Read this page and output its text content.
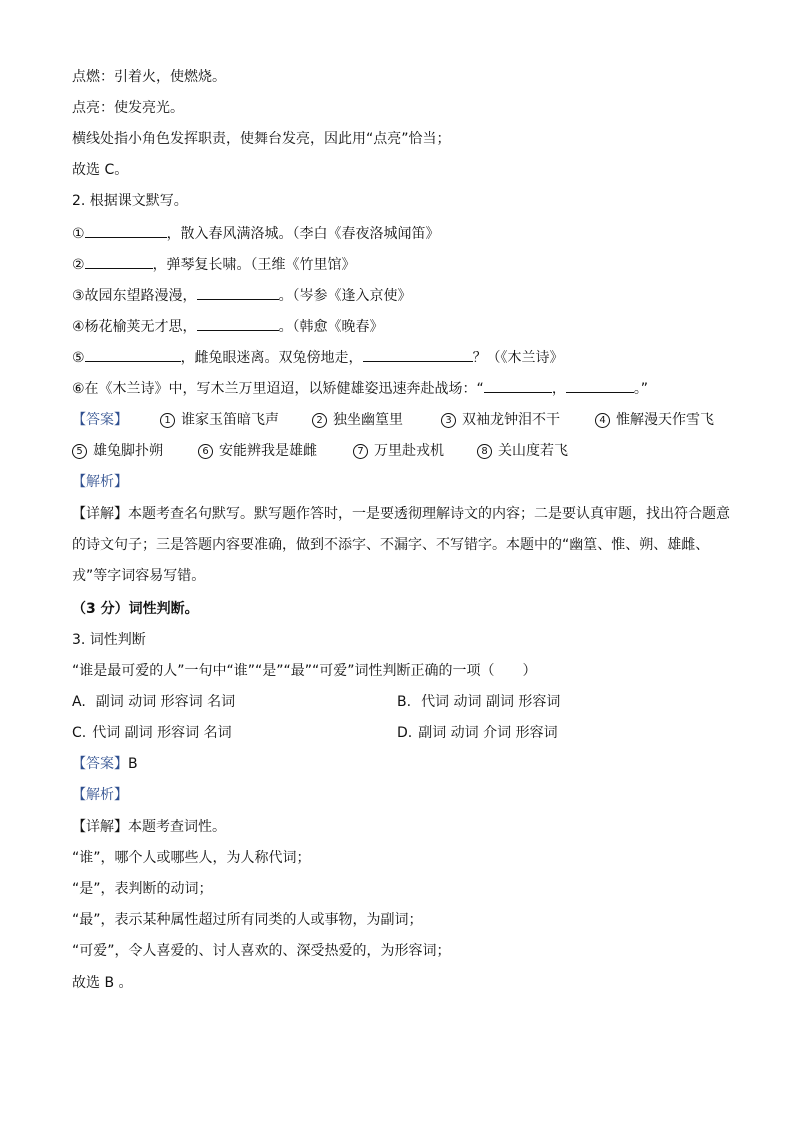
点燃：引着火，使燃烧。

点亮：使发亮光。

横线处指小角色发挥职责，使舞台发亮，因此用“点亮”恰当；

故选 C。

2. 根据课文默写。

①	，散入春风满洛城。（李白《春夜洛城闻笛》

②	，弹琴复长啸。（王维《竹里馆》

③故园东望路漫漫，	。（岑参《逢入京使》

④杨花榆荚无才思，	。（韩愈《晚春》

⑤	，雌兔眼迷离。双兔傍地走，	？（《木兰诗》

⑥在《木兰诗》中，写木兰万里迢迢，以矫健雄姿迅速奔赴战场：“	，	。”

【答案】	1 谁家玉笛暗飞声	2 独坐幽篁里	3 双袖龙钟泪不干	4 惟解漫天作雪飞
5 雄兔脚扑朔	6 安能辨我是雄雌	7 万里赴戎机	8 关山度若飞

【解析】

【详解】本题考查名句默写。默写题作答时，一是要透彻理解诗文的内容；二是要认真审题，找出符合题意的诗文句子；三是答题内容要准确，做到不添字、不漏字、不写错字。本题中的“幽篁、惟、朔、雄雌、戎”等字词容易写错。

（3 分）词性判断。

3. 词性判断

“谁是最可爱的人”一句中“谁”“是”“最”“可爱”词性判断正确的一项（　　）

A. 副词 动词 形容词 名词	B. 代词 动词 副词 形容词
C. 代词 副词 形容词 名词	D. 副词 动词 介词 形容词

【答案】B

【解析】

【详解】本题考查词性。

“谁”，哪个人或哪些人，为人称代词；

“是”，表判断的动词；

“最”，表示某种属性超过所有同类的人或事物，为副词；

“可爱”，令人喜爱的、讨人喜欢的、深受热爱的，为形容词；

故选 B 。
